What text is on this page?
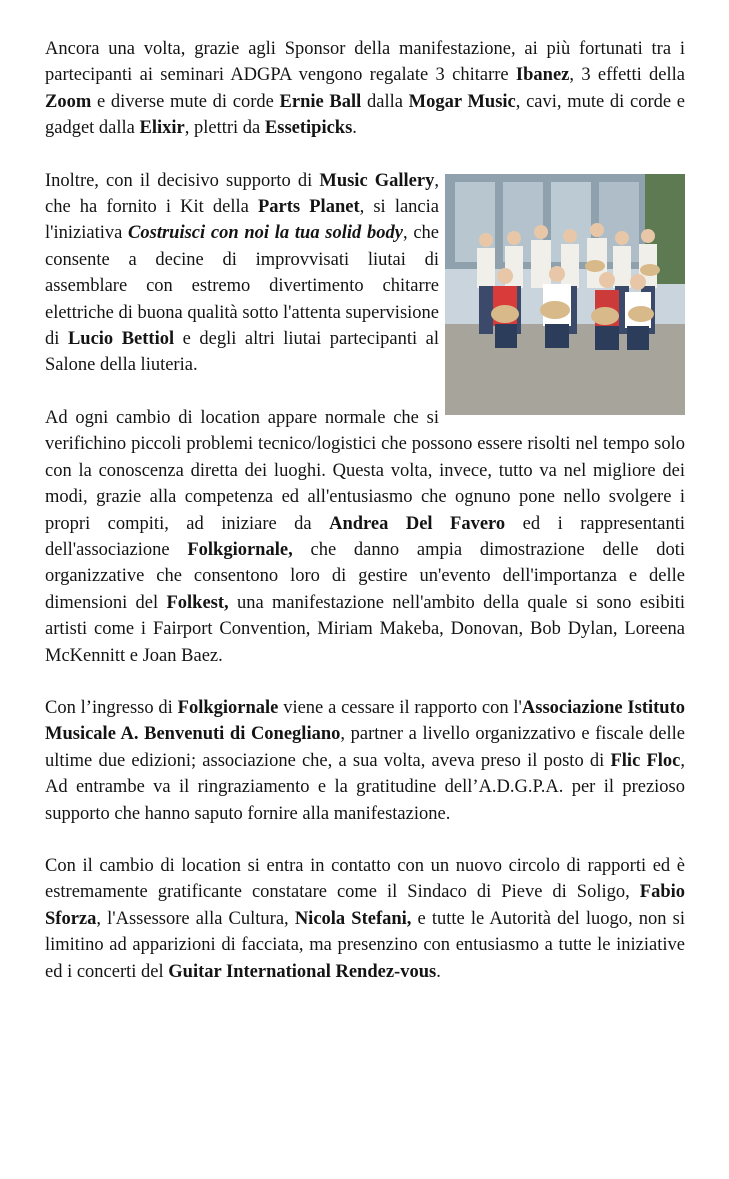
Ancora una volta, grazie agli Sponsor della manifestazione, ai più fortunati tra i partecipanti ai seminari ADGPA vengono regalate 3 chitarre Ibanez, 3 effetti della Zoom e diverse mute di corde Ernie Ball dalla Mogar Music, cavi, mute di corde e gadget dalla Elixir, plettri da Essetipicks.

Inoltre, con il decisivo supporto di Music Gallery, che ha fornito i Kit della Parts Planet, si lancia l'iniziativa Costruisci con noi la tua solid body, che consente a decine di improvvisati liutai di assemblare con estremo divertimento chitarre elettriche di buona qualità sotto l'attenta supervisione di Lucio Bettiol e degli altri liutai partecipanti al Salone della liuteria.

Ad ogni cambio di location appare normale che si verifichino piccoli problemi tecnico/logistici che possono essere risolti nel tempo solo con la conoscenza diretta dei luoghi. Questa volta, invece, tutto va nel migliore dei modi, grazie alla competenza ed all'entusiasmo che ognuno pone nello svolgere i propri compiti, ad iniziare da Andrea Del Favero ed i rappresentanti dell'associazione Folkgiornale, che danno ampia dimostrazione delle doti organizzative che consentono loro di gestire un'evento dell'importanza e delle dimensioni del Folkest, una manifestazione nell'ambito della quale si sono esibiti artisti come i Fairport Convention, Miriam Makeba, Donovan, Bob Dylan, Loreena McKennitt e Joan Baez.

Con l’ingresso di Folkgiornale viene a cessare il rapporto con l'Associazione Istituto Musicale A. Benvenuti di Conegliano, partner a livello organizzativo e fiscale delle ultime due edizioni; associazione che, a sua volta, aveva preso il posto di Flic Floc, Ad entrambe va il ringraziamento e la gratitudine dell’A.D.G.P.A. per il prezioso supporto che hanno saputo fornire alla manifestazione.

Con il cambio di location si entra in contatto con un nuovo circolo di rapporti ed è estremamente gratificante constatare come il Sindaco di Pieve di Soligo, Fabio Sforza, l'Assessore alla Cultura, Nicola Stefani, e tutte le Autorità del luogo, non si limitino ad apparizioni di facciata, ma presenzino con entusiasmo a tutte le iniziative ed i concerti del Guitar International Rendez-vous.
